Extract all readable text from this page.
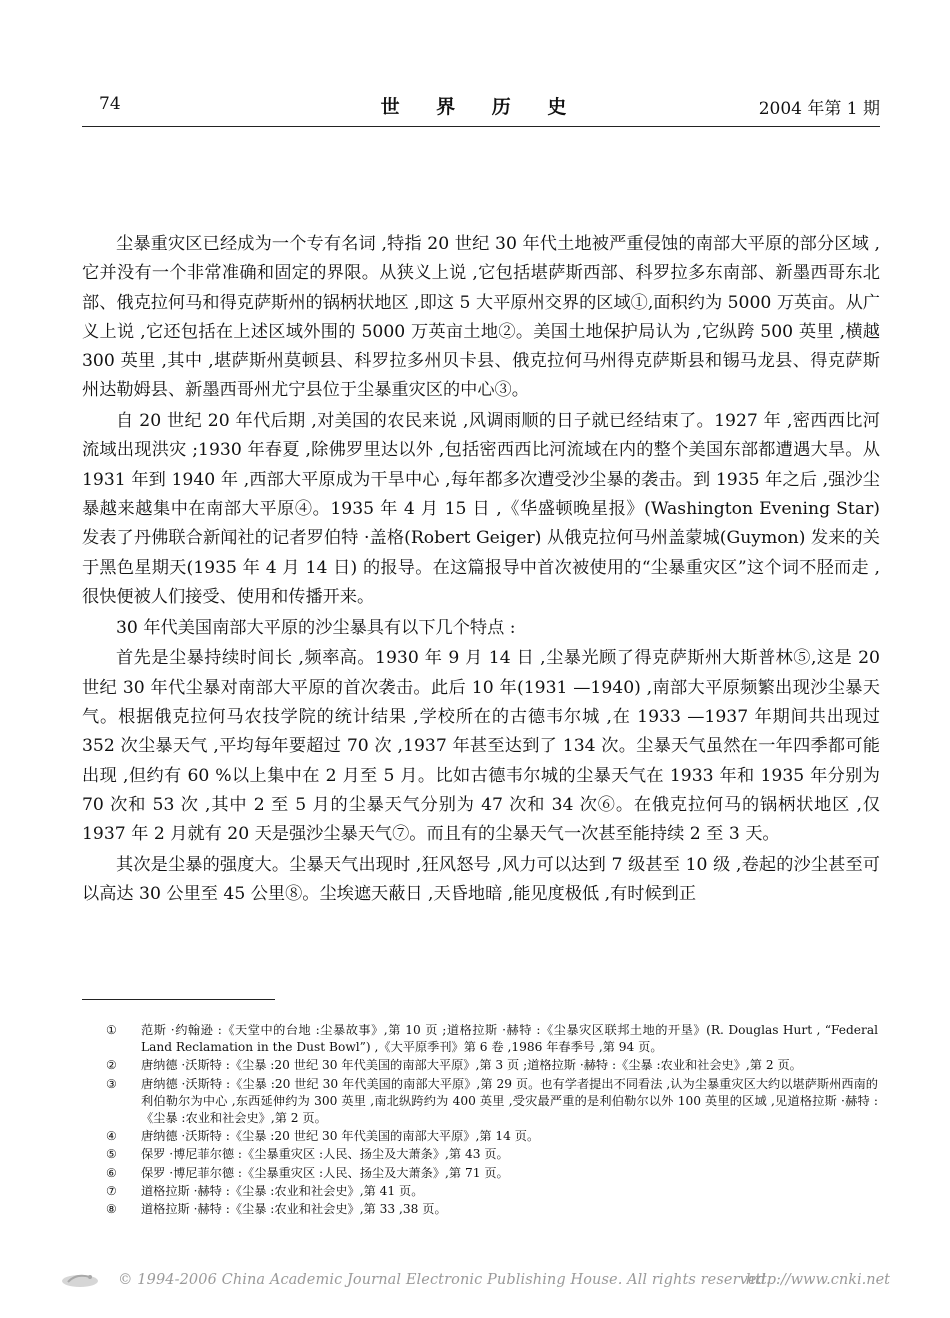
74	世 界 历 史	2004 年第 1 期

尘暴重灾区已经成为一个专有名词 ,特指 20 世纪 30 年代土地被严重侵蚀的南部大平原的部分区域 ,它并没有一个非常准确和固定的界限。从狭义上说 ,它包括堪萨斯西部、科罗拉多东南部、新墨西哥东北部、俄克拉何马和得克萨斯州的锅柄状地区 ,即这 5 大平原州交界的区域①,面积约为 5000 万英亩。从广义上说 ,它还包括在上述区域外围的 5000 万英亩土地②。美国土地保护局认为 ,它纵跨 500 英里 ,横越 300 英里 ,其中 ,堪萨斯州莫顿县、科罗拉多州贝卡县、俄克拉何马州得克萨斯县和锡马龙县、得克萨斯州达勒姆县、新墨西哥州尤宁县位于尘暴重灾区的中心③。

自 20 世纪 20 年代后期 ,对美国的农民来说 ,风调雨顺的日子就已经结束了。1927 年 ,密西西比河流域出现洪灾 ;1930 年春夏 ,除佛罗里达以外 ,包括密西西比河流域在内的整个美国东部都遭遇大旱。从 1931 年到 1940 年 ,西部大平原成为干旱中心 ,每年都多次遭受沙尘暴的袭击。到 1935 年之后 ,强沙尘暴越来越集中在南部大平原④。1935 年 4 月 15 日 ,《华盛顿晚星报》(Washington Evening Star) 发表了丹佛联合新闻社的记者罗伯特 ·盖格(Robert Geiger) 从俄克拉何马州盖蒙城(Guymon) 发来的关于黑色星期天(1935 年 4 月 14 日) 的报导。在这篇报导中首次被使用的“尘暴重灾区”这个词不胫而走 ,很快便被人们接受、使用和传播开来。

30 年代美国南部大平原的沙尘暴具有以下几个特点 :

首先是尘暴持续时间长 ,频率高。1930 年 9 月 14 日 ,尘暴光顾了得克萨斯州大斯普林⑤,这是 20 世纪 30 年代尘暴对南部大平原的首次袭击。此后 10 年(1931 —1940) ,南部大平原频繁出现沙尘暴天气。根据俄克拉何马农技学院的统计结果 ,学校所在的古德韦尔城 ,在 1933 —1937 年期间共出现过 352 次尘暴天气 ,平均每年要超过 70 次 ,1937 年甚至达到了 134 次。尘暴天气虽然在一年四季都可能出现 ,但约有 60 %以上集中在 2 月至 5 月。比如古德韦尔城的尘暴天气在 1933 年和 1935 年分别为 70 次和 53 次 ,其中 2 至 5 月的尘暴天气分别为 47 次和 34 次⑥。在俄克拉何马的锅柄状地区 ,仅 1937 年 2 月就有 20 天是强沙尘暴天气⑦。而且有的尘暴天气一次甚至能持续 2 至 3 天。

其次是尘暴的强度大。尘暴天气出现时 ,狂风怒号 ,风力可以达到 7 级甚至 10 级 ,卷起的沙尘甚至可以高达 30 公里至 45 公里⑧。尘埃遮天蔽日 ,天昏地暗 ,能见度极低 ,有时候到正

① 范斯 ·约翰逊 :《天堂中的台地 :尘暴故事》,第 10 页 ;道格拉斯 ·赫特 :《尘暴灾区联邦土地的开垦》(R. Douglas Hurt , “Federal Land Reclamation in the Dust Bowl”) ,《大平原季刊》第 6 卷 ,1986 年春季号 ,第 94 页。
② 唐纳德 ·沃斯特 :《尘暴 :20 世纪 30 年代美国的南部大平原》,第 3 页 ;道格拉斯 ·赫特 :《尘暴 :农业和社会史》,第 2 页。
③ 唐纳德 ·沃斯特 :《尘暴 :20 世纪 30 年代美国的南部大平原》,第 29 页。也有学者提出不同看法 ,认为尘暴重灾区大约以堪萨斯州西南的利伯勒尔为中心 ,东西延伸约为 300 英里 ,南北纵跨约为 400 英里 ,受灾最严重的是利伯勒尔以外 100 英里的区域 ,见道格拉斯 ·赫特 :《尘暴 :农业和社会史》,第 2 页。
④ 唐纳德 ·沃斯特 :《尘暴 :20 世纪 30 年代美国的南部大平原》,第 14 页。
⑤ 保罗 ·博尼菲尔德 :《尘暴重灾区 :人民、扬尘及大萧条》,第 43 页。
⑥ 保罗 ·博尼菲尔德 :《尘暴重灾区 :人民、扬尘及大萧条》,第 71 页。
⑦ 道格拉斯 ·赫特 :《尘暴 :农业和社会史》,第 41 页。
⑧ 道格拉斯 ·赫特 :《尘暴 :农业和社会史》,第 33 ,38 页。
© 1994-2006 China Academic Journal Electronic Publishing House. All rights reserved.
http://www.cnki.net
